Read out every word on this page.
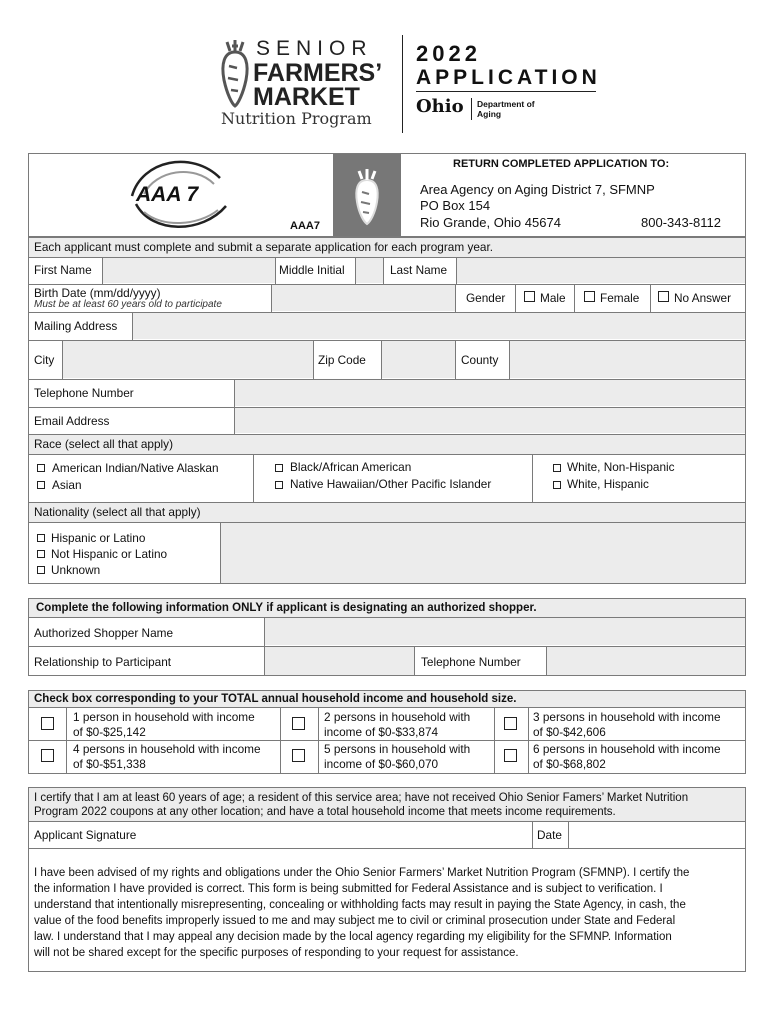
SENIOR
FARMERS’
MARKET
Nutrition Program
2022
APPLICATION
Ohio Department of
Aging
AAA 7
AAA7
RETURN COMPLETED APPLICATION TO:
Area Agency on Aging District 7, SFMNP
PO Box 154
Rio Grande, Ohio 45674	800-343-8112
Each applicant must complete and submit a separate application for each program year.
First Name	Middle Initial	Last Name
Birth Date (mm/dd/yyyy)
Must be at least 60 years old to participate	Gender	Male	Female	No Answer
Mailing Address
City	Zip Code	County
Telephone Number
Email Address
Race (select all that apply)
American Indian/Native Alaskan
Asian
Black/African American
Native Hawaiian/Other Pacific Islander
White, Non-Hispanic
White, Hispanic
Nationality (select all that apply)
Hispanic or Latino
Not Hispanic or Latino
Unknown
Complete the following information ONLY if applicant is designating an authorized shopper.
Authorized Shopper Name
Relationship to Participant	Telephone Number
Check box corresponding to your TOTAL annual household income and household size.
1 person in household with income
of $0-$25,142
2 persons in household with
income of $0-$33,874
3 persons in household with income
of $0-$42,606
4 persons in household with income
of $0-$51,338
5 persons in household with
income of $0-$60,070
6 persons in household with income
of $0-$68,802
I certify that I am at least 60 years of age; a resident of this service area; have not received Ohio Senior Famers’ Market Nutrition
Program 2022 coupons at any other location; and have a total household income that meets income requirements.
Applicant Signature	Date
I have been advised of my rights and obligations under the Ohio Senior Farmers’ Market Nutrition Program (SFMNP). I certify the
the information I have provided is correct. This form is being submitted for Federal Assistance and is subject to verification. I
understand that intentionally misrepresenting, concealing or withholding facts may result in paying the State Agency, in cash, the
value of the food benefits improperly issued to me and may subject me to civil or criminal prosecution under State and Federal
law. I understand that I may appeal any decision made by the local agency regarding my eligibility for the SFMNP. Information
will not be shared except for the specific purposes of responding to your request for assistance.
